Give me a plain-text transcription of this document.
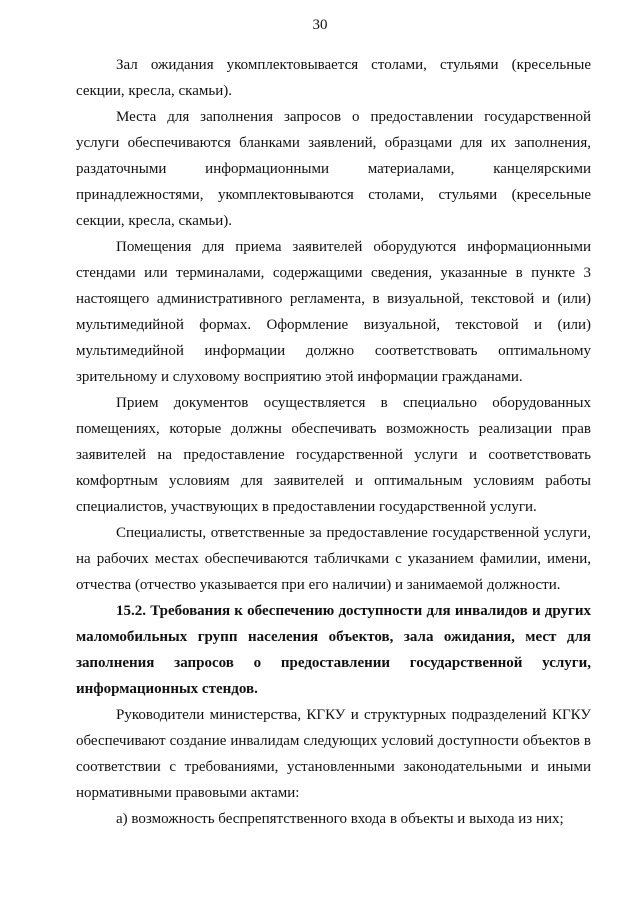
30

Зал ожидания укомплектовывается столами, стульями (кресельные секции, кресла, скамьи).

Места для заполнения запросов о предоставлении государственной услуги обеспечиваются бланками заявлений, образцами для их заполнения, раздаточными информационными материалами, канцелярскими принадлежностями, укомплектовываются столами, стульями (кресельные секции, кресла, скамьи).

Помещения для приема заявителей оборудуются информационными стендами или терминалами, содержащими сведения, указанные в пункте 3 настоящего административного регламента, в визуальной, текстовой и (или) мультимедийной формах. Оформление визуальной, текстовой и (или) мультимедийной информации должно соответствовать оптимальному зрительному и слуховому восприятию этой информации гражданами.

Прием документов осуществляется в специально оборудованных помещениях, которые должны обеспечивать возможность реализации прав заявителей на предоставление государственной услуги и соответствовать комфортным условиям для заявителей и оптимальным условиям работы специалистов, участвующих в предоставлении государственной услуги.

Специалисты, ответственные за предоставление государственной услуги, на рабочих местах обеспечиваются табличками с указанием фамилии, имени, отчества (отчество указывается при его наличии) и занимаемой должности.

15.2. Требования к обеспечению доступности для инвалидов и других маломобильных групп населения объектов, зала ожидания, мест для заполнения запросов о предоставлении государственной услуги, информационных стендов.

Руководители министерства, КГКУ и структурных подразделений КГКУ обеспечивают создание инвалидам следующих условий доступности объектов в соответствии с требованиями, установленными законодательными и иными нормативными правовыми актами:

а) возможность беспрепятственного входа в объекты и выхода из них;
